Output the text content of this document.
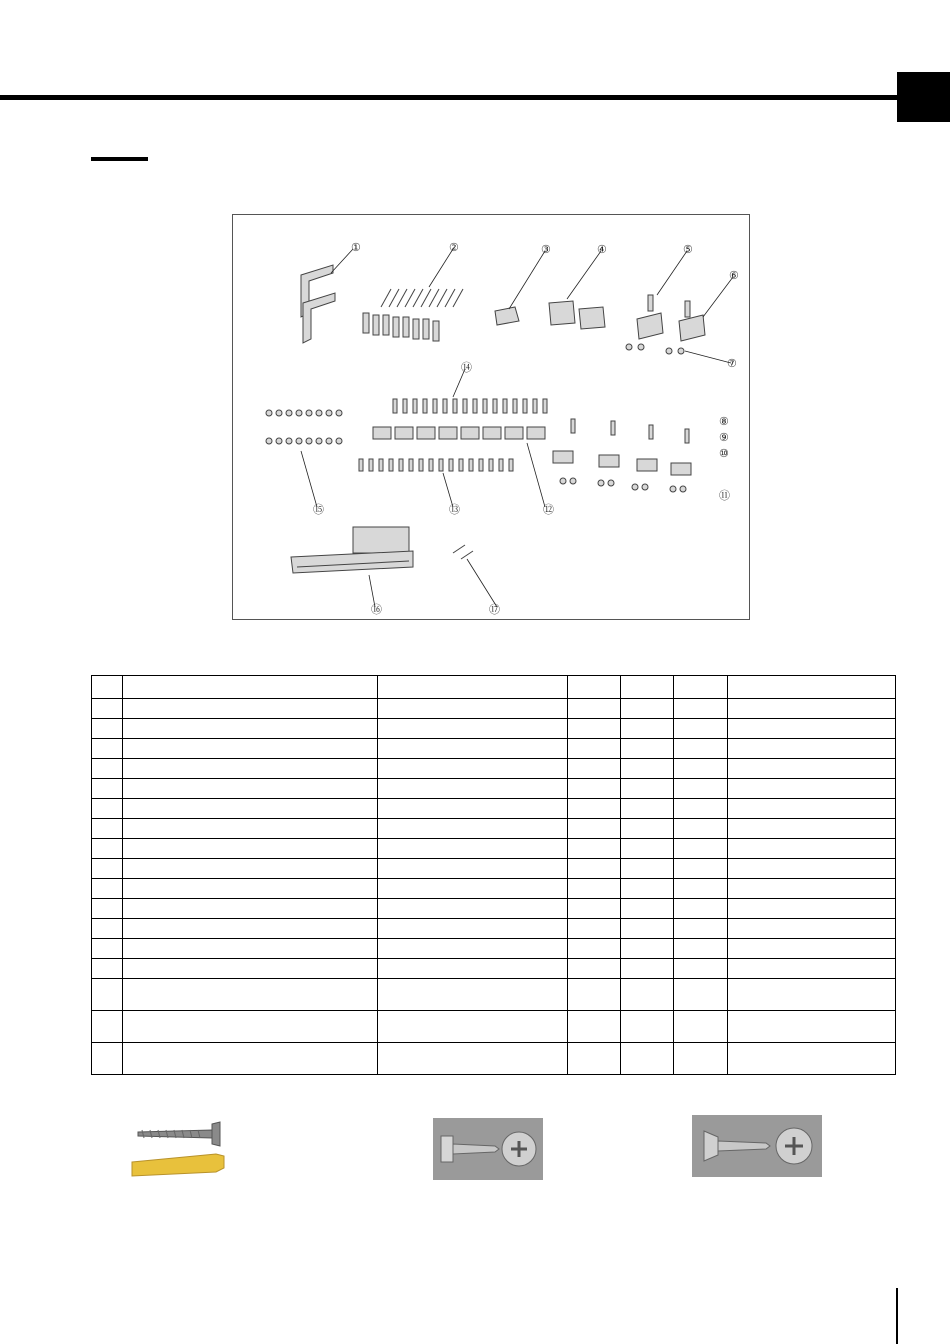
①	②	③	④	⑤
⑥
⑦
⑧
⑨
⑩
⑪
⑫
⑬
⑭
⑮
⑯	⑰
